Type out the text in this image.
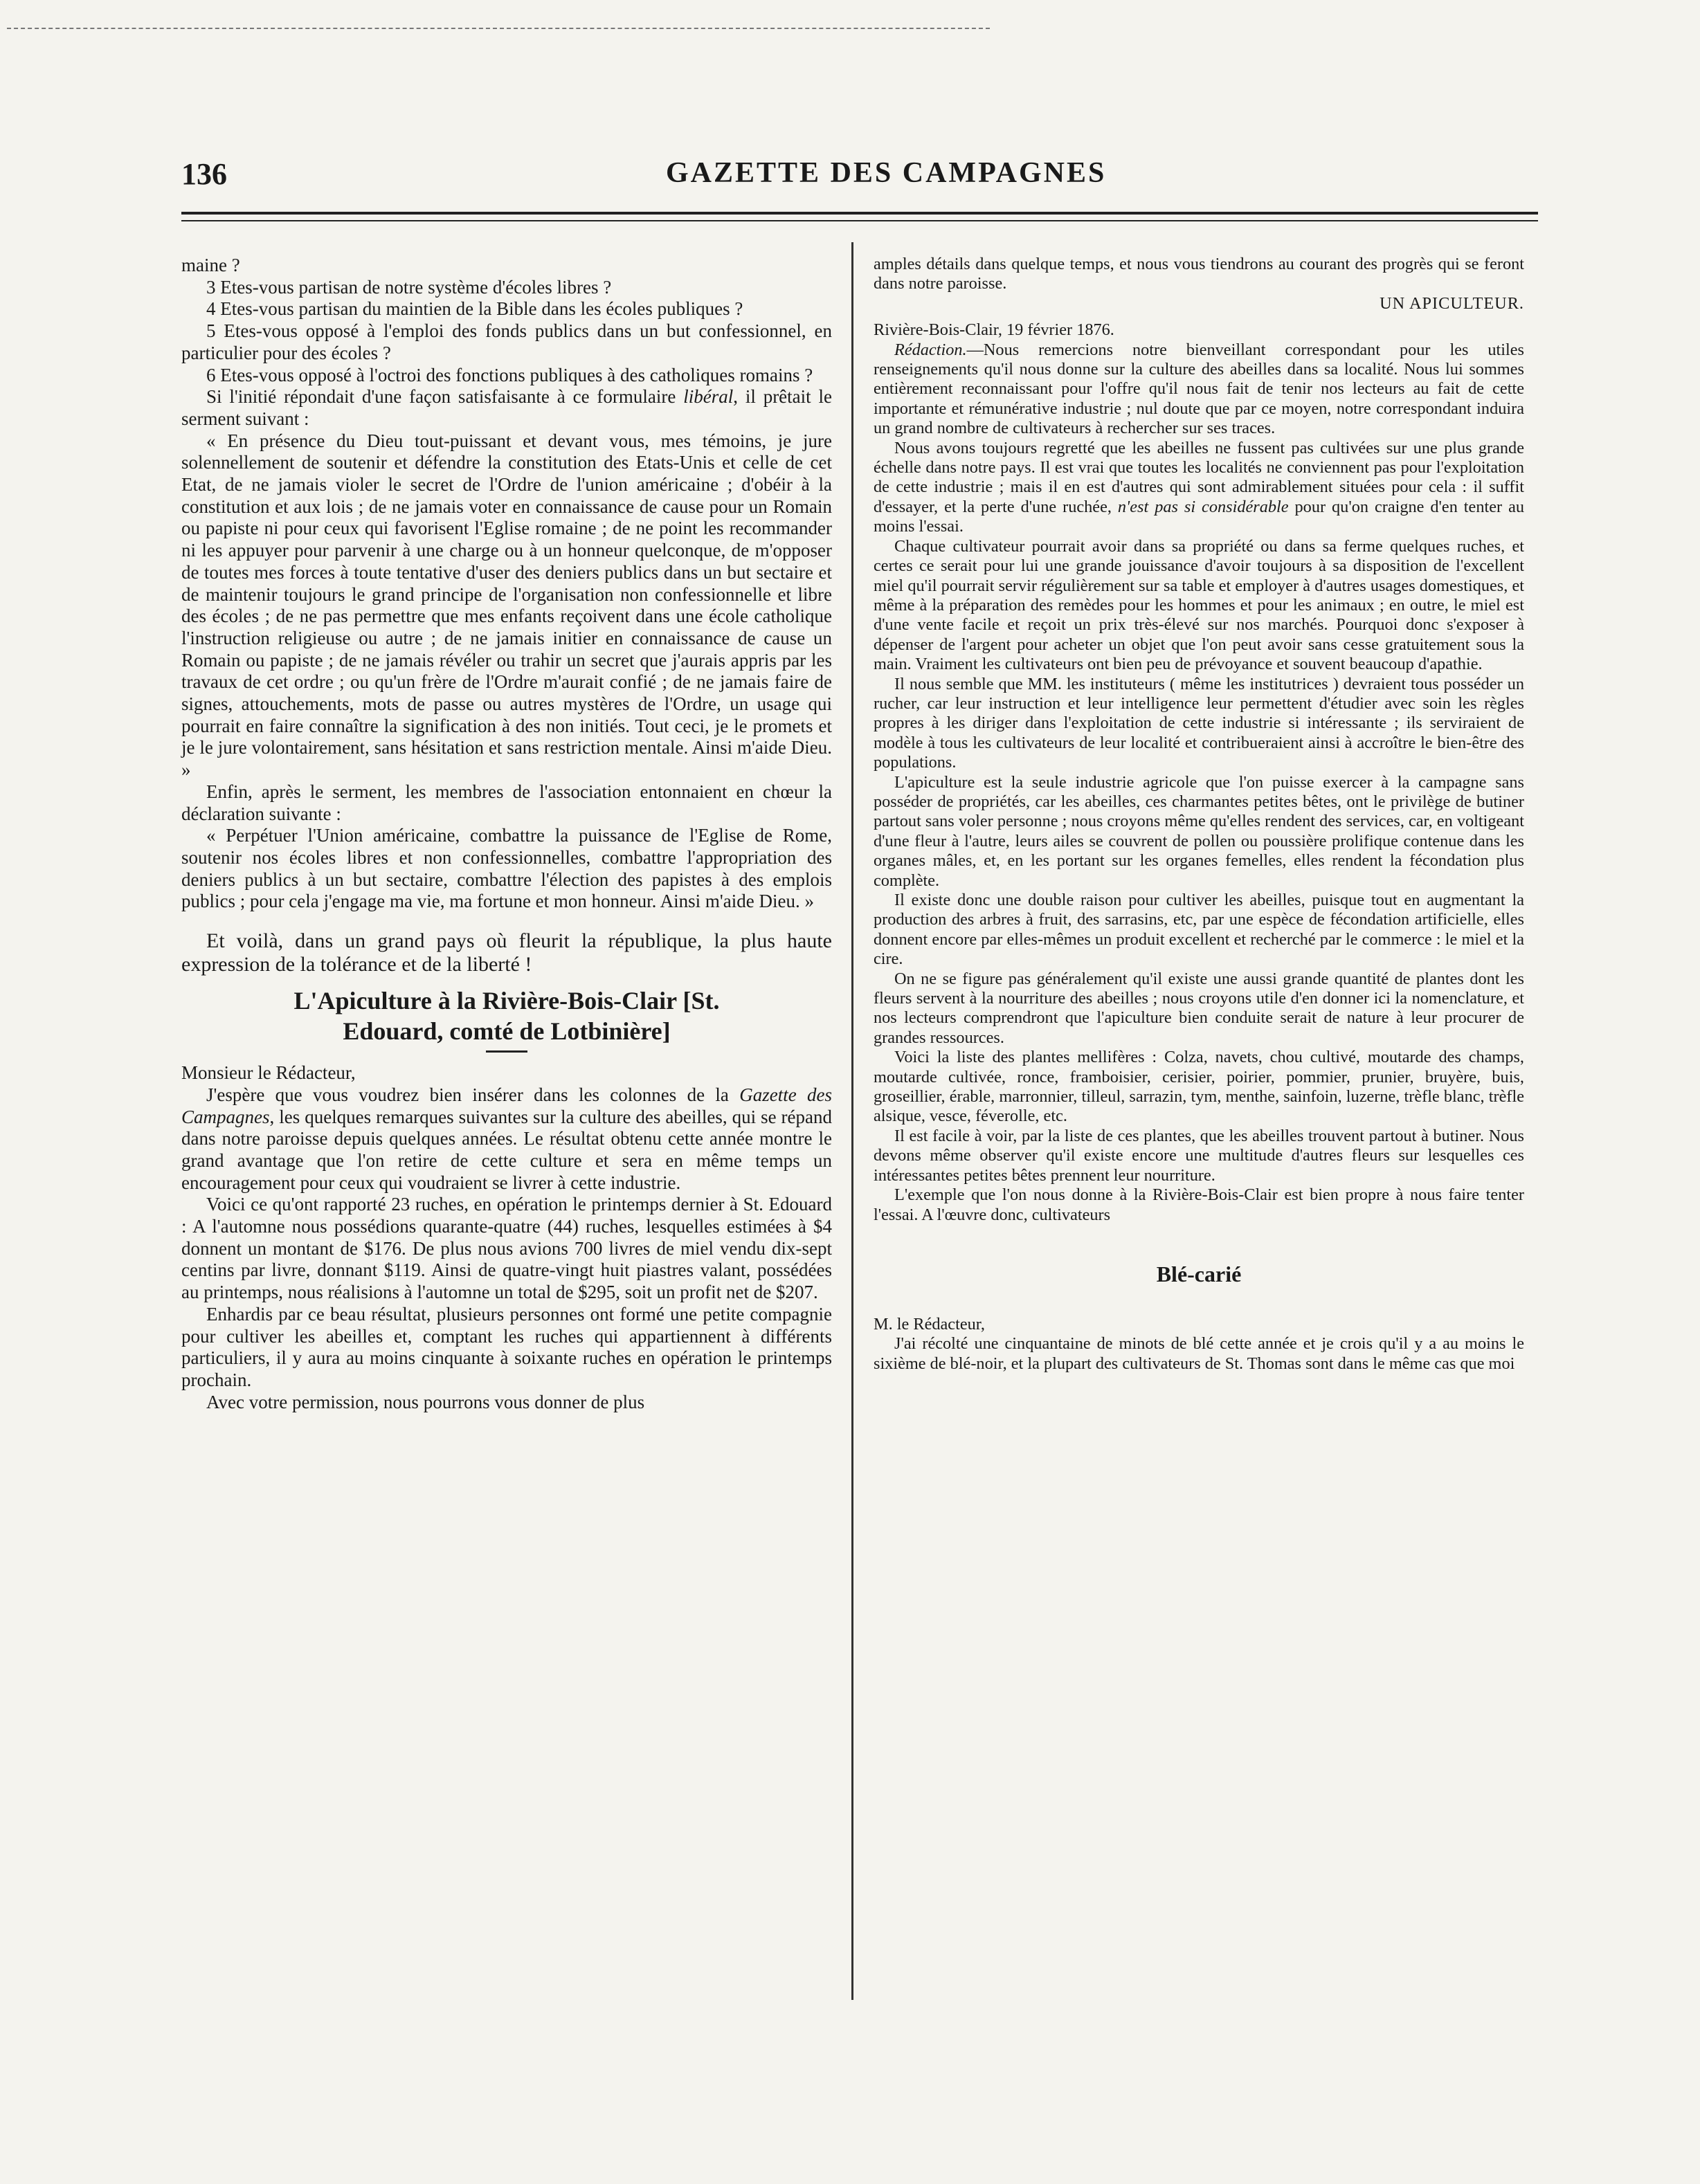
136	GAZETTE DES CAMPAGNES

maine ?

3 Etes-vous partisan de notre système d'écoles libres ?

4 Etes-vous partisan du maintien de la Bible dans les écoles publiques ?

5 Etes-vous opposé à l'emploi des fonds publics dans un but confessionnel, en particulier pour des écoles ?

6 Etes-vous opposé à l'octroi des fonctions publiques à des catholiques romains ?

Si l'initié répondait d'une façon satisfaisante à ce formulaire libéral, il prêtait le serment suivant :

« En présence du Dieu tout-puissant et devant vous, mes témoins, je jure solennellement de soutenir et défendre la constitution des Etats-Unis et celle de cet Etat, de ne jamais violer le secret de l'Ordre de l'union américaine ; d'obéir à la constitution et aux lois ; de ne jamais voter en connaissance de cause pour un Romain ou papiste ni pour ceux qui favorisent l'Eglise romaine ; de ne point les recommander ni les appuyer pour parvenir à une charge ou à un honneur quelconque, de m'opposer de toutes mes forces à toute tentative d'user des deniers publics dans un but sectaire et de maintenir toujours le grand principe de l'organisation non confessionnelle et libre des écoles ; de ne pas permettre que mes enfants reçoivent dans une école catholique l'instruction religieuse ou autre ; de ne jamais initier en connaissance de cause un Romain ou papiste ; de ne jamais révéler ou trahir un secret que j'aurais appris par les travaux de cet ordre ; ou qu'un frère de l'Ordre m'aurait confié ; de ne jamais faire de signes, attouchements, mots de passe ou autres mystères de l'Ordre, un usage qui pourrait en faire connaître la signification à des non initiés. Tout ceci, je le promets et je le jure volontairement, sans hésitation et sans restriction mentale. Ainsi m'aide Dieu. »

Enfin, après le serment, les membres de l'association entonnaient en chœur la déclaration suivante :

« Perpétuer l'Union américaine, combattre la puissance de l'Eglise de Rome, soutenir nos écoles libres et non confessionnelles, combattre l'appropriation des deniers publics à un but sectaire, combattre l'élection des papistes à des emplois publics ; pour cela j'engage ma vie, ma fortune et mon honneur. Ainsi m'aide Dieu. »

Et voilà, dans un grand pays où fleurit la république, la plus haute expression de la tolérance et de la liberté !

L'Apiculture à la Rivière-Bois-Clair [St.
Edouard, comté de Lotbinière]

Monsieur le Rédacteur,

J'espère que vous voudrez bien insérer dans les colonnes de la Gazette des Campagnes, les quelques remarques suivantes sur la culture des abeilles, qui se répand dans notre paroisse depuis quelques années. Le résultat obtenu cette année montre le grand avantage que l'on retire de cette culture et sera en même temps un encouragement pour ceux qui voudraient se livrer à cette industrie.

Voici ce qu'ont rapporté 23 ruches, en opération le printemps dernier à St. Edouard : A l'automne nous possédions quarante-quatre (44) ruches, lesquelles estimées à $4 donnent un montant de $176. De plus nous avions 700 livres de miel vendu dix-sept centins par livre, donnant $119. Ainsi de quatre-vingt huit piastres valant, possédées au printemps, nous réalisions à l'automne un total de $295, soit un profit net de $207.

Enhardis par ce beau résultat, plusieurs personnes ont formé une petite compagnie pour cultiver les abeilles et, comptant les ruches qui appartiennent à différents particuliers, il y aura au moins cinquante à soixante ruches en opération le printemps prochain.

Avec votre permission, nous pourrons vous donner de plus

amples détails dans quelque temps, et nous vous tiendrons au courant des progrès qui se feront dans notre paroisse.

UN APICULTEUR.

Rivière-Bois-Clair, 19 février 1876.

Rédaction.—Nous remercions notre bienveillant correspondant pour les utiles renseignements qu'il nous donne sur la culture des abeilles dans sa localité. Nous lui sommes entièrement reconnaissant pour l'offre qu'il nous fait de tenir nos lecteurs au fait de cette importante et rémunérative industrie ; nul doute que par ce moyen, notre correspondant induira un grand nombre de cultivateurs à rechercher sur ses traces.

Nous avons toujours regretté que les abeilles ne fussent pas cultivées sur une plus grande échelle dans notre pays. Il est vrai que toutes les localités ne conviennent pas pour l'exploitation de cette industrie ; mais il en est d'autres qui sont admirablement situées pour cela : il suffit d'essayer, et la perte d'une ruchée, n'est pas si considérable pour qu'on craigne d'en tenter au moins l'essai.

Chaque cultivateur pourrait avoir dans sa propriété ou dans sa ferme quelques ruches, et certes ce serait pour lui une grande jouissance d'avoir toujours à sa disposition de l'excellent miel qu'il pourrait servir régulièrement sur sa table et employer à d'autres usages domestiques, et même à la préparation des remèdes pour les hommes et pour les animaux ; en outre, le miel est d'une vente facile et reçoit un prix très-élevé sur nos marchés. Pourquoi donc s'exposer à dépenser de l'argent pour acheter un objet que l'on peut avoir sans cesse gratuitement sous la main. Vraiment les cultivateurs ont bien peu de prévoyance et souvent beaucoup d'apathie.

Il nous semble que MM. les instituteurs ( même les institutrices ) devraient tous posséder un rucher, car leur instruction et leur intelligence leur permettent d'étudier avec soin les règles propres à les diriger dans l'exploitation de cette industrie si intéressante ; ils serviraient de modèle à tous les cultivateurs de leur localité et contribueraient ainsi à accroître le bien-être des populations.

L'apiculture est la seule industrie agricole que l'on puisse exercer à la campagne sans posséder de propriétés, car les abeilles, ces charmantes petites bêtes, ont le privilège de butiner partout sans voler personne ; nous croyons même qu'elles rendent des services, car, en voltigeant d'une fleur à l'autre, leurs ailes se couvrent de pollen ou poussière prolifique contenue dans les organes mâles, et, en les portant sur les organes femelles, elles rendent la fécondation plus complète.

Il existe donc une double raison pour cultiver les abeilles, puisque tout en augmentant la production des arbres à fruit, des sarrasins, etc, par une espèce de fécondation artificielle, elles donnent encore par elles-mêmes un produit excellent et recherché par le commerce : le miel et la cire.

On ne se figure pas généralement qu'il existe une aussi grande quantité de plantes dont les fleurs servent à la nourriture des abeilles ; nous croyons utile d'en donner ici la nomenclature, et nos lecteurs comprendront que l'apiculture bien conduite serait de nature à leur procurer de grandes ressources.

Voici la liste des plantes mellifères : Colza, navets, chou cultivé, moutarde des champs, moutarde cultivée, ronce, framboisier, cerisier, poirier, pommier, prunier, bruyère, buis, groseillier, érable, marronnier, tilleul, sarrazin, tym, menthe, sainfoin, luzerne, trèfle blanc, trèfle alsique, vesce, féverolle, etc.

Il est facile à voir, par la liste de ces plantes, que les abeilles trouvent partout à butiner. Nous devons même observer qu'il existe encore une multitude d'autres fleurs sur lesquelles ces intéressantes petites bêtes prennent leur nourriture.

L'exemple que l'on nous donne à la Rivière-Bois-Clair est bien propre à nous faire tenter l'essai. A l'œuvre donc, cultivateurs

Blé-carié

M. le Rédacteur,

J'ai récolté une cinquantaine de minots de blé cette année et je crois qu'il y a au moins le sixième de blé-noir, et la plupart des cultivateurs de St. Thomas sont dans le même cas que moi
